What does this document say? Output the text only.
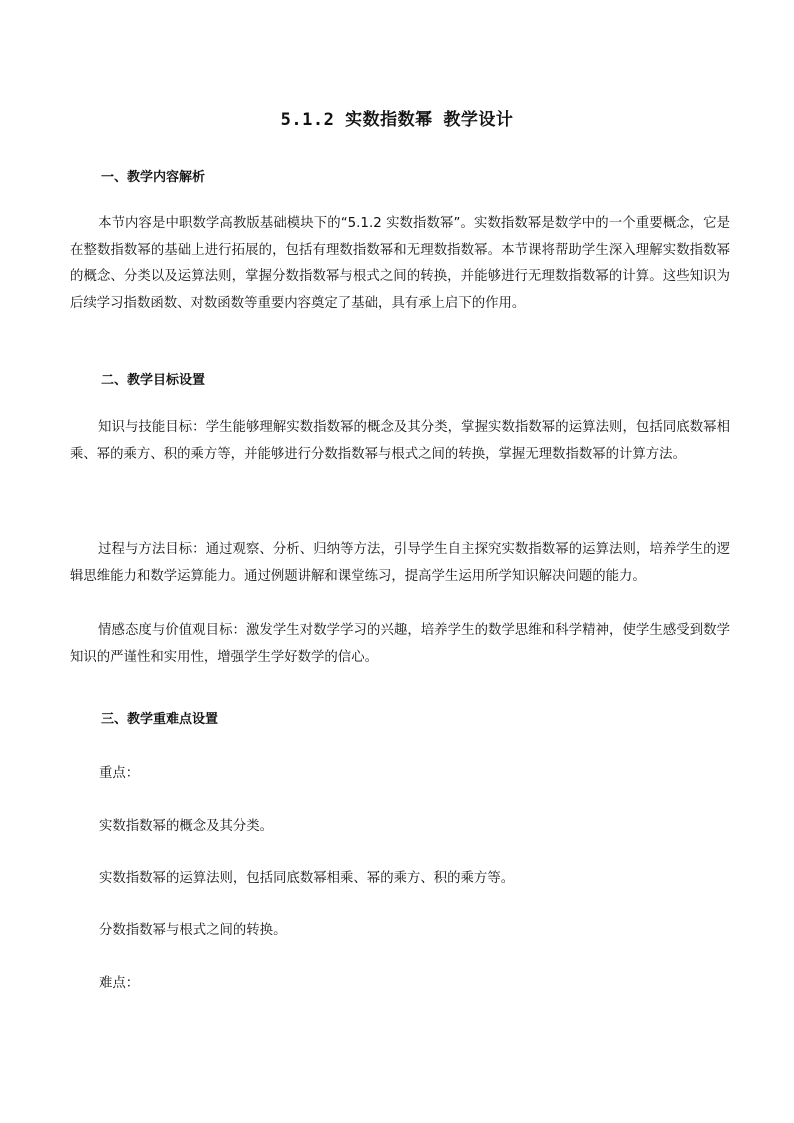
5.1.2 实数指数幂 教学设计
一、教学内容解析
本节内容是中职数学高教版基础模块下的“5.1.2 实数指数幂”。实数指数幂是数学中的一个重要概念，它是在整数指数幂的基础上进行拓展的，包括有理数指数幂和无理数指数幂。本节课将帮助学生深入理解实数指数幂的概念、分类以及运算法则，掌握分数指数幂与根式之间的转换，并能够进行无理数指数幂的计算。这些知识为后续学习指数函数、对数函数等重要内容奠定了基础，具有承上启下的作用。
二、教学目标设置
知识与技能目标：学生能够理解实数指数幂的概念及其分类，掌握实数指数幂的运算法则，包括同底数幂相乘、幂的乘方、积的乘方等，并能够进行分数指数幂与根式之间的转换，掌握无理数指数幂的计算方法。
过程与方法目标：通过观察、分析、归纳等方法，引导学生自主探究实数指数幂的运算法则，培养学生的逻辑思维能力和数学运算能力。通过例题讲解和课堂练习，提高学生运用所学知识解决问题的能力。
情感态度与价值观目标：激发学生对数学学习的兴趣，培养学生的数学思维和科学精神，使学生感受到数学知识的严谨性和实用性，增强学生学好数学的信心。
三、教学重难点设置
重点：
实数指数幂的概念及其分类。
实数指数幂的运算法则，包括同底数幂相乘、幂的乘方、积的乘方等。
分数指数幂与根式之间的转换。
难点：
